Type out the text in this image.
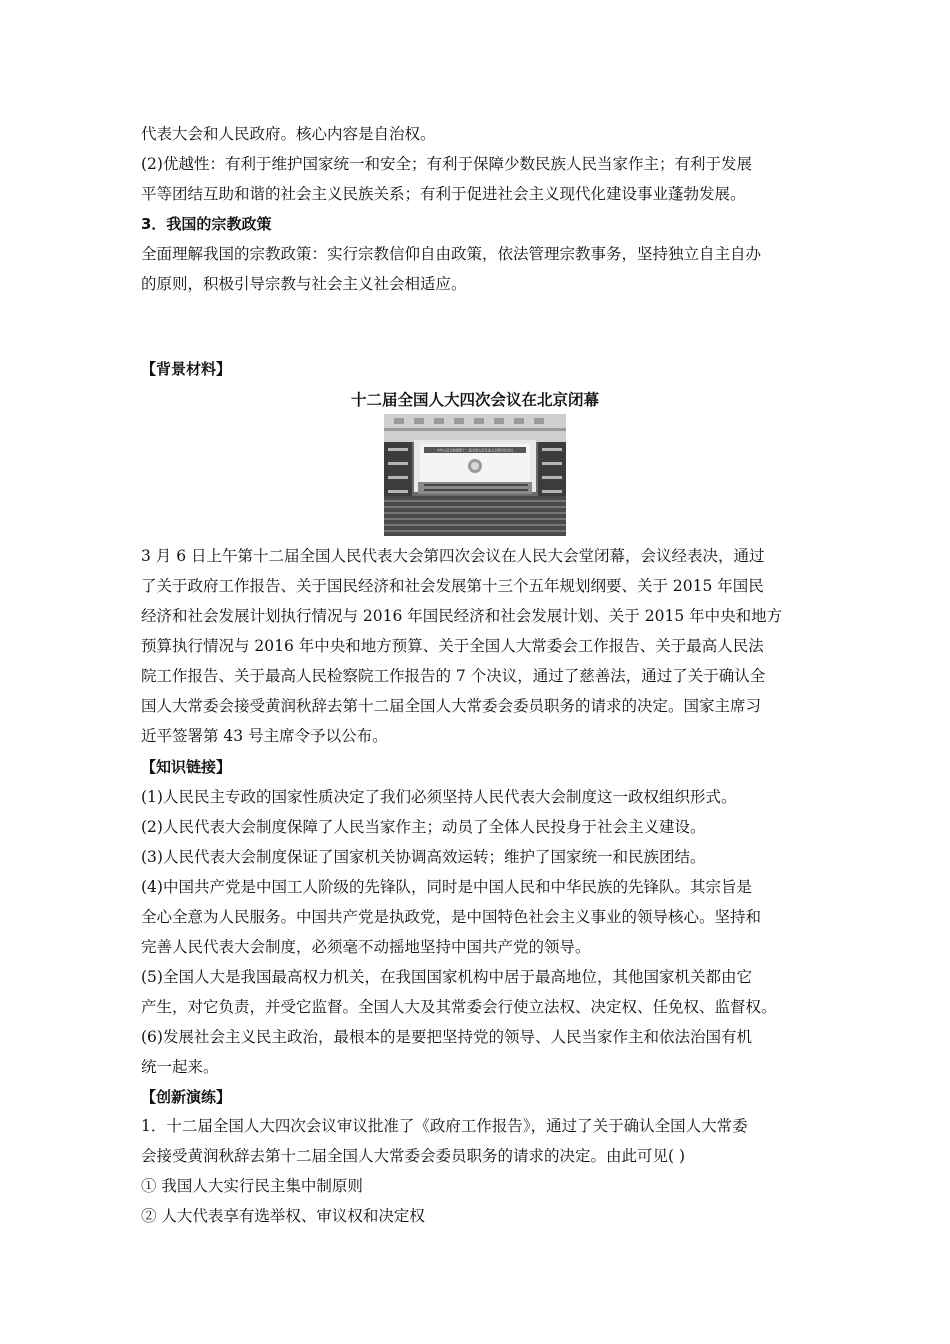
代表大会和人民政府。核心内容是自治权。
(2)优越性：有利于维护国家统一和安全；有利于保障少数民族人民当家作主；有利于发展
平等团结互助和谐的社会主义民族关系；有利于促进社会主义现代化建设事业蓬勃发展。
3．我国的宗教政策
全面理解我国的宗教政策：实行宗教信仰自由政策，依法管理宗教事务，坚持独立自主自办
的原则，积极引导宗教与社会主义社会相适应。
【背景材料】
十二届全国人大四次会议在北京闭幕
中华人民共和国第十二届全国人民代表大会第四次会议
3 月 6 日上午第十二届全国人民代表大会第四次会议在人民大会堂闭幕，会议经表决，通过
了关于政府工作报告、关于国民经济和社会发展第十三个五年规划纲要、关于 2015 年国民
经济和社会发展计划执行情况与 2016 年国民经济和社会发展计划、关于 2015 年中央和地方
预算执行情况与 2016 年中央和地方预算、关于全国人大常委会工作报告、关于最高人民法
院工作报告、关于最高人民检察院工作报告的 7 个决议，通过了慈善法，通过了关于确认全
国人大常委会接受黄润秋辞去第十二届全国人大常委会委员职务的请求的决定。国家主席习
近平签署第 43 号主席令予以公布。
【知识链接】
(1)人民民主专政的国家性质决定了我们必须坚持人民代表大会制度这一政权组织形式。
(2)人民代表大会制度保障了人民当家作主；动员了全体人民投身于社会主义建设。
(3)人民代表大会制度保证了国家机关协调高效运转；维护了国家统一和民族团结。
(4)中国共产党是中国工人阶级的先锋队，同时是中国人民和中华民族的先锋队。其宗旨是
全心全意为人民服务。中国共产党是执政党，是中国特色社会主义事业的领导核心。坚持和
完善人民代表大会制度，必须毫不动摇地坚持中国共产党的领导。
(5)全国人大是我国最高权力机关，在我国国家机构中居于最高地位，其他国家机关都由它
产生，对它负责，并受它监督。全国人大及其常委会行使立法权、决定权、任免权、监督权。
(6)发展社会主义民主政治，最根本的是要把坚持党的领导、人民当家作主和依法治国有机
统一起来。
【创新演练】
1．十二届全国人大四次会议审议批准了《政府工作报告》，通过了关于确认全国人大常委
会接受黄润秋辞去第十二届全国人大常委会委员职务的请求的决定。由此可见( )
① 我国人大实行民主集中制原则
② 人大代表享有选举权、审议权和决定权
